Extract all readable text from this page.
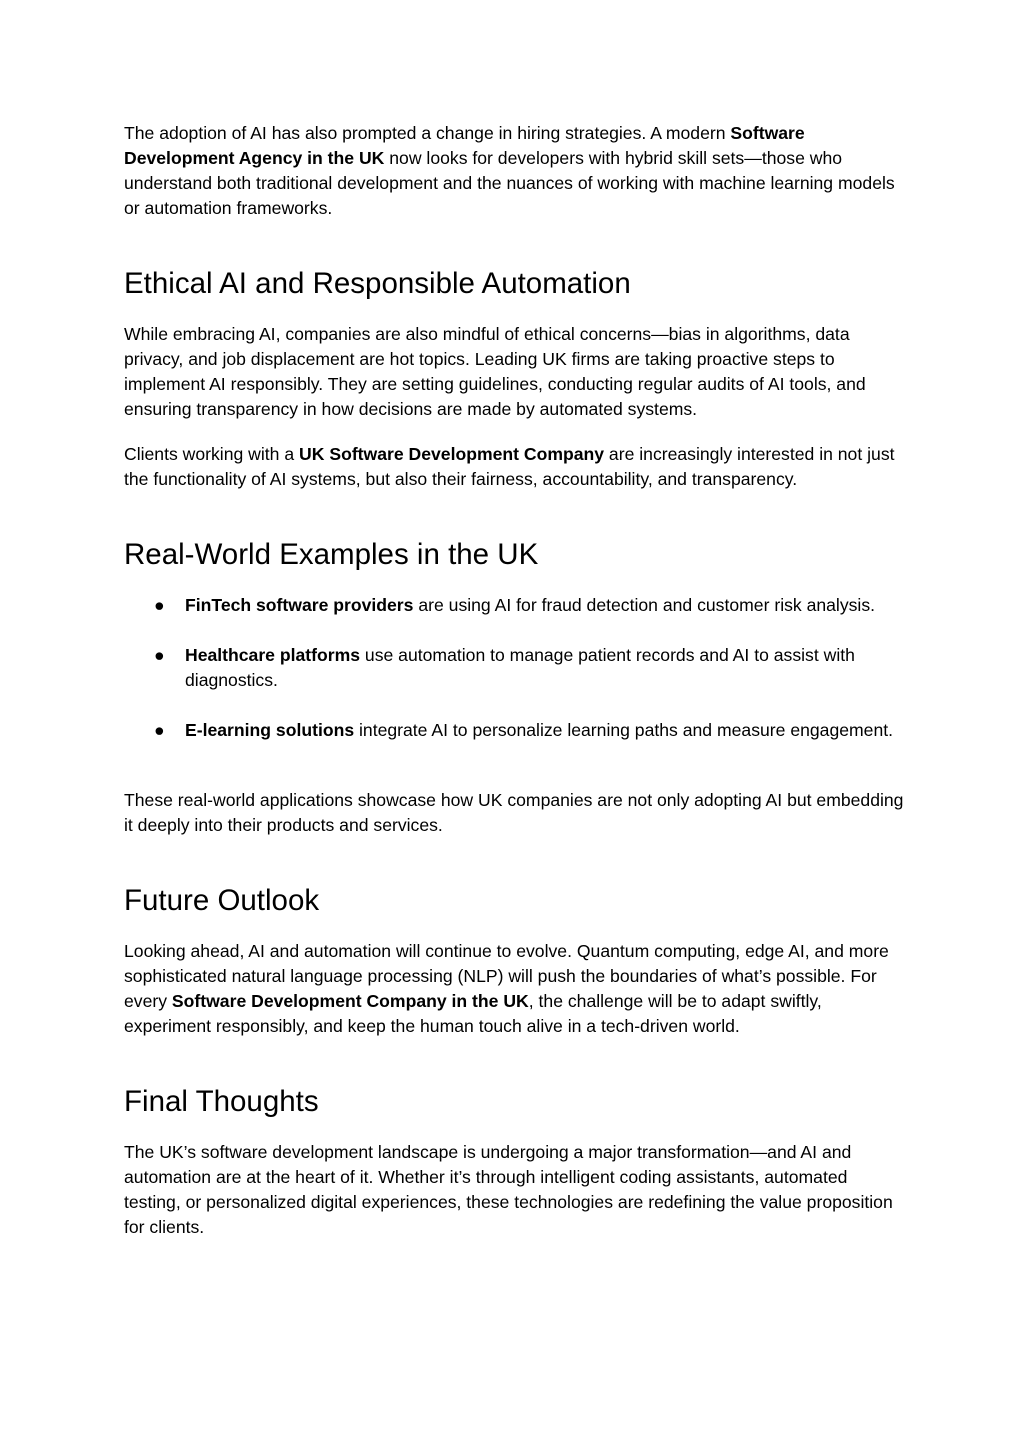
The adoption of AI has also prompted a change in hiring strategies. A modern Software Development Agency in the UK now looks for developers with hybrid skill sets—those who understand both traditional development and the nuances of working with machine learning models or automation frameworks.

Ethical AI and Responsible Automation

While embracing AI, companies are also mindful of ethical concerns—bias in algorithms, data privacy, and job displacement are hot topics. Leading UK firms are taking proactive steps to implement AI responsibly. They are setting guidelines, conducting regular audits of AI tools, and ensuring transparency in how decisions are made by automated systems.

Clients working with a UK Software Development Company are increasingly interested in not just the functionality of AI systems, but also their fairness, accountability, and transparency.

Real-World Examples in the UK
● FinTech software providers are using AI for fraud detection and customer risk analysis.
● Healthcare platforms use automation to manage patient records and AI to assist with diagnostics.
● E-learning solutions integrate AI to personalize learning paths and measure engagement.

These real-world applications showcase how UK companies are not only adopting AI but embedding it deeply into their products and services.

Future Outlook

Looking ahead, AI and automation will continue to evolve. Quantum computing, edge AI, and more sophisticated natural language processing (NLP) will push the boundaries of what’s possible. For every Software Development Company in the UK, the challenge will be to adapt swiftly, experiment responsibly, and keep the human touch alive in a tech-driven world.

Final Thoughts

The UK’s software development landscape is undergoing a major transformation—and AI and automation are at the heart of it. Whether it’s through intelligent coding assistants, automated testing, or personalized digital experiences, these technologies are redefining the value proposition for clients.
